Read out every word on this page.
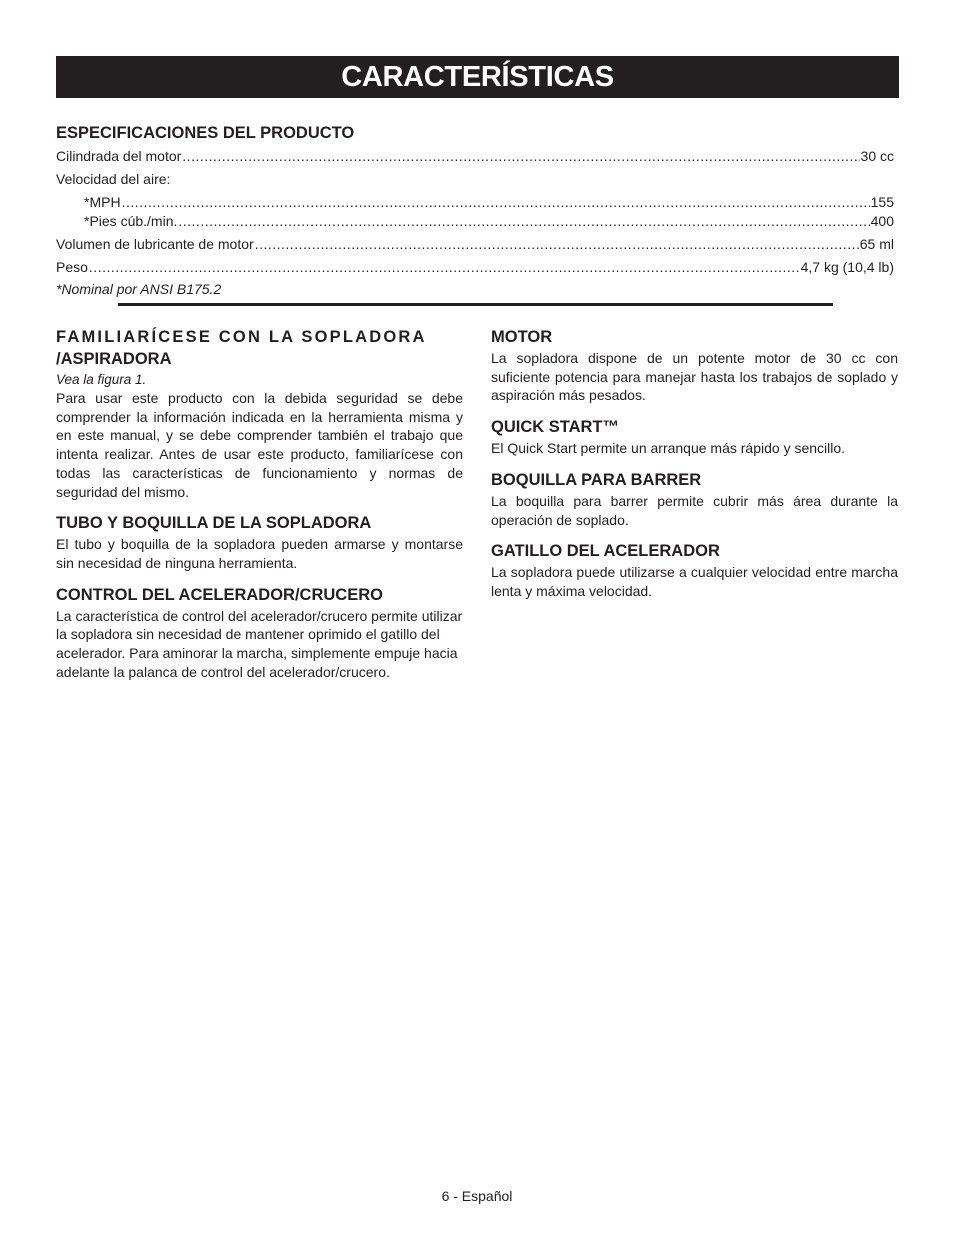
CARACTERÍSTICAS
ESPECIFICACIONES DEL PRODUCTO
Cilindrada del motor .....	30 cc
Velocidad del aire:
*MPH .....	155
*Pies cúb./min. .....	400
Volumen de lubricante de motor .....	65 ml
Peso .....	4,7 kg (10,4 lb)
*Nominal por ANSI B175.2
FAMILIARÍCESE CON LA SOPLADORA
/ASPIRADORA
Vea la figura 1.

Para usar este producto con la debida seguridad se debe comprender la información indicada en la herramienta misma y en este manual, y se debe comprender también el trabajo que intenta realizar. Antes de usar este producto, familiarícese con todas las características de funcionamiento y normas de seguridad del mismo.

TUBO Y BOQUILLA DE LA SOPLADORA

El tubo y boquilla de la sopladora pueden armarse y montarse sin necesidad de ninguna herramienta.

CONTROL DEL ACELERADOR/CRUCERO

La característica de control del acelerador/crucero permite utilizar la sopladora sin necesidad de mantener oprimido el gatillo del acelerador. Para aminorar la marcha, simplemente empuje hacia adelante la palanca de control del acelerador/crucero.

MOTOR

La sopladora dispone de un potente motor de 30 cc con suficiente potencia para manejar hasta los trabajos de soplado y aspiración más pesados.

QUICK START™

El Quick Start permite un arranque más rápido y sencillo.

BOQUILLA PARA BARRER

La boquilla para barrer permite cubrir más área durante la operación de soplado.

GATILLO DEL ACELERADOR

La sopladora puede utilizarse a cualquier velocidad entre marcha lenta y máxima velocidad.

6 - Español
